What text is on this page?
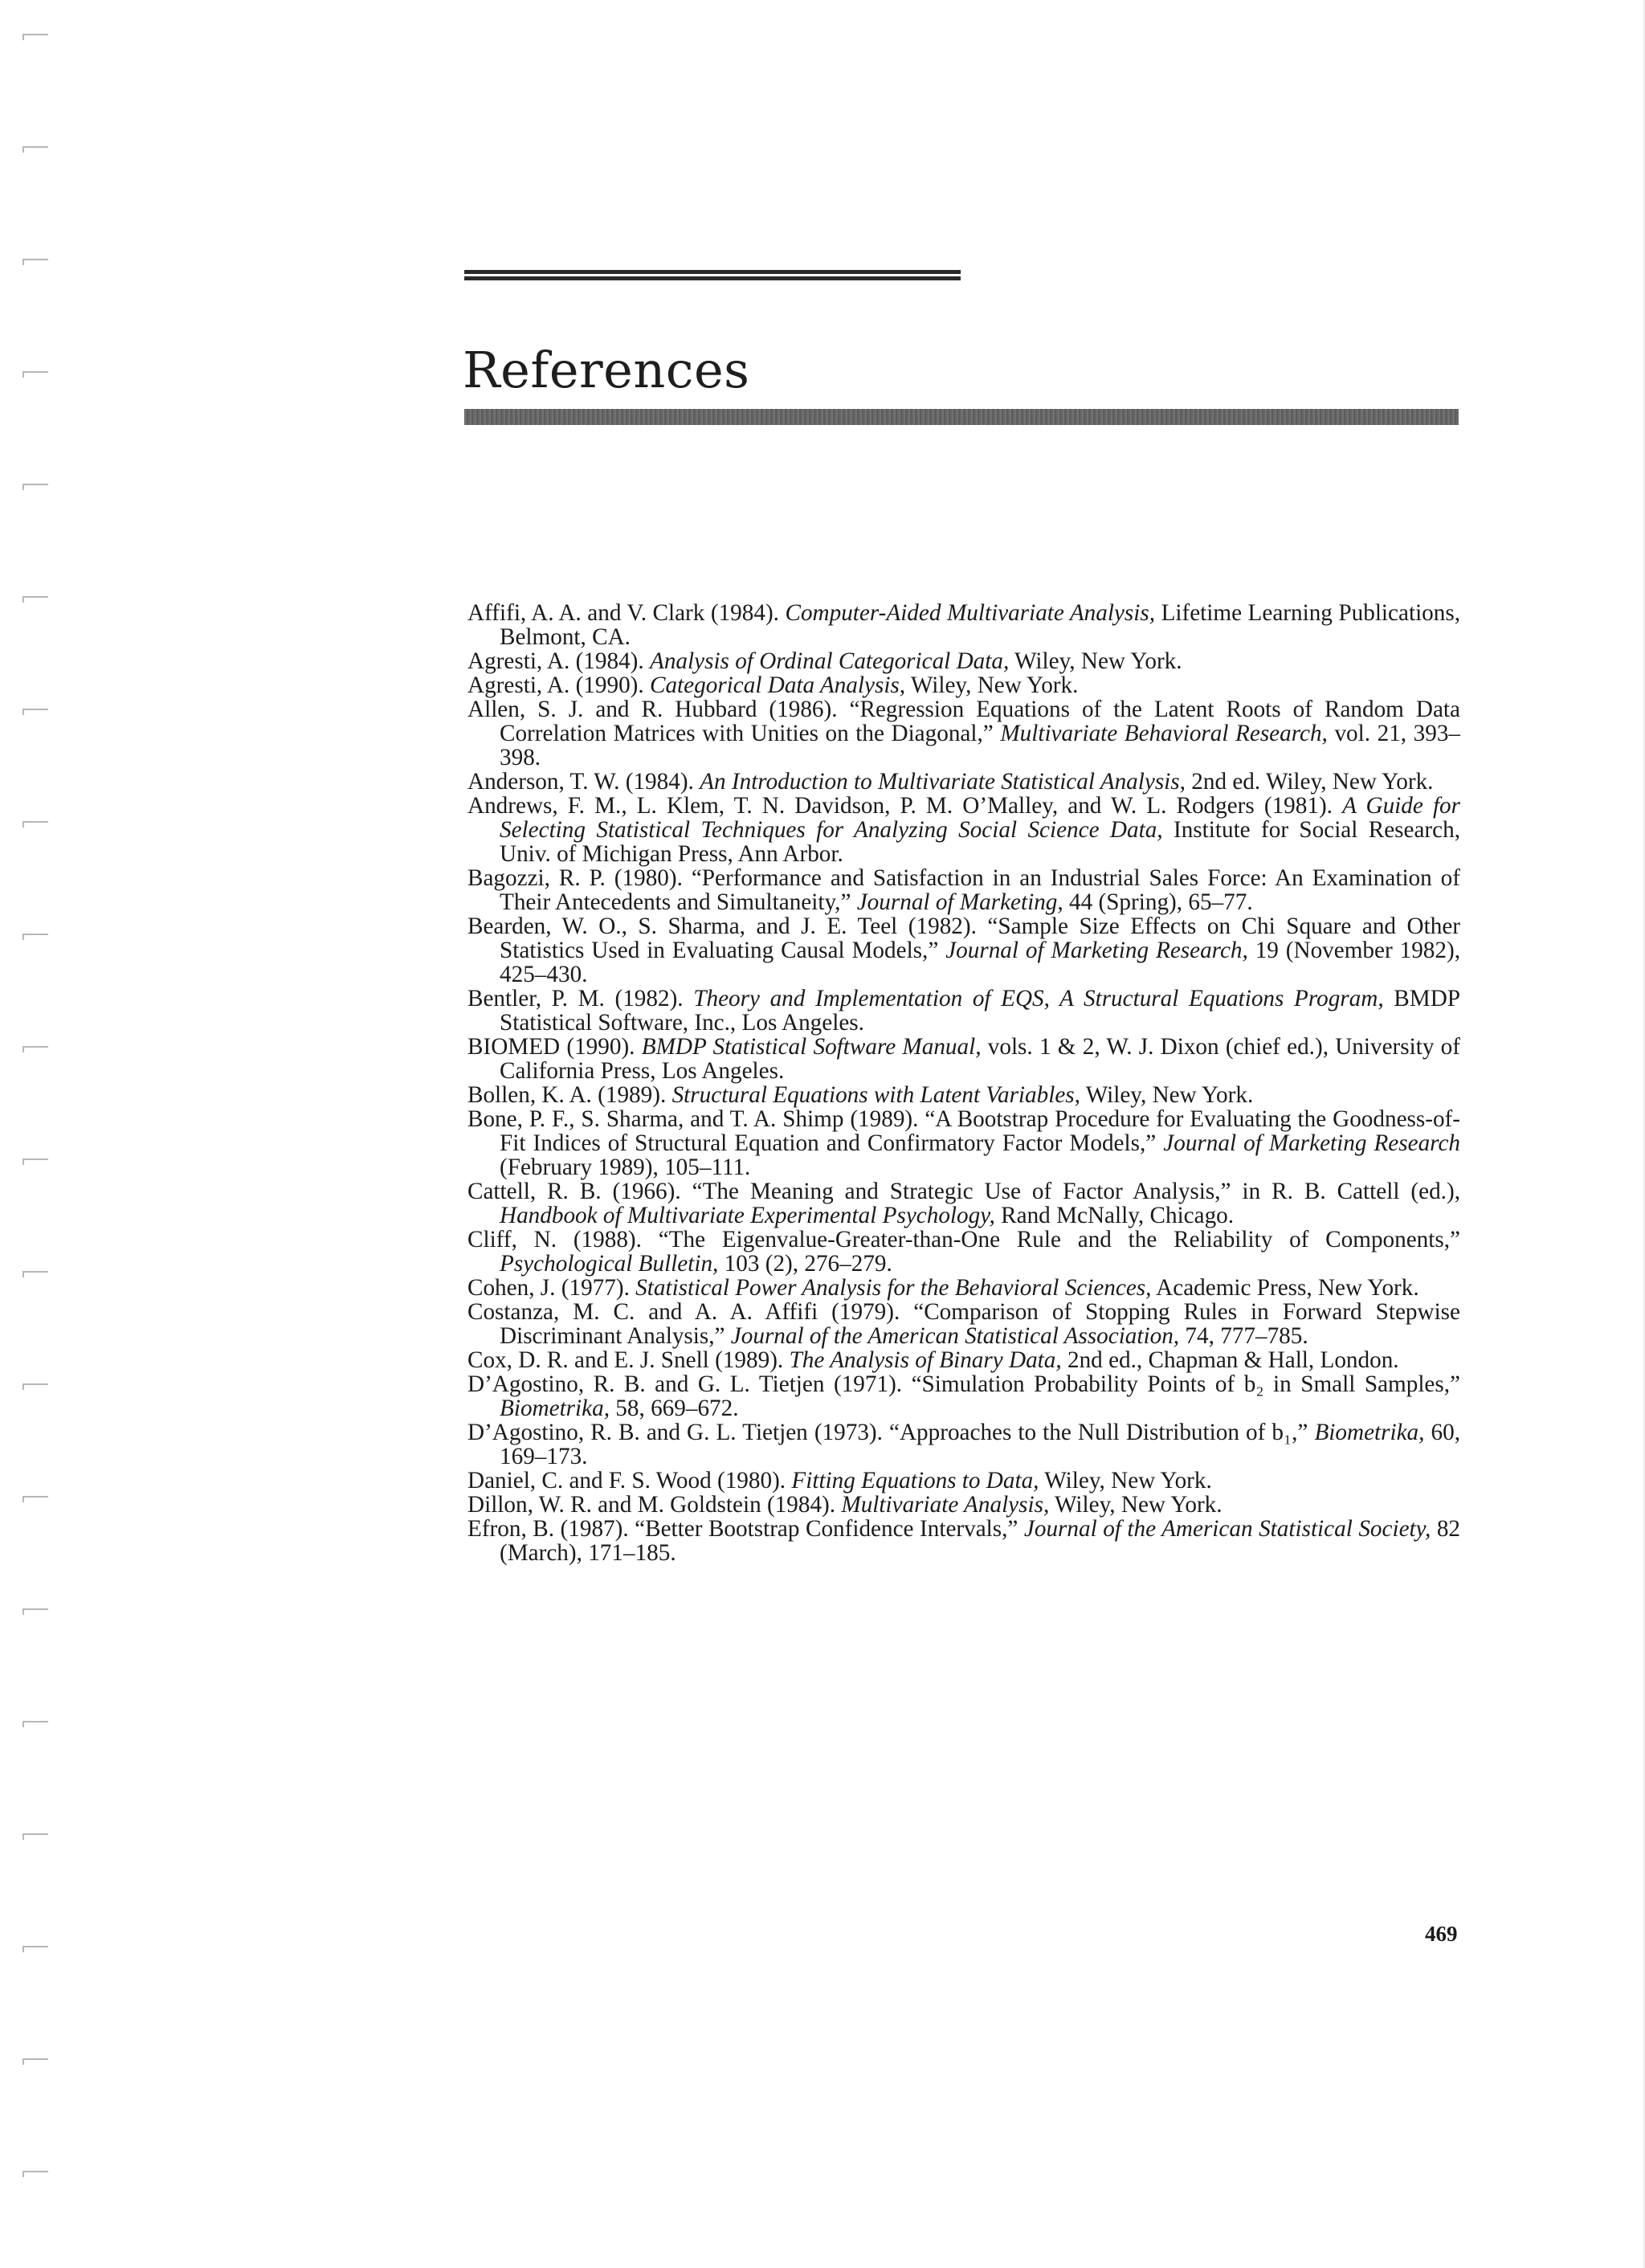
References
Affifi, A. A. and V. Clark (1984). Computer-Aided Multivariate Analysis, Lifetime Learning Publications, Belmont, CA.
Agresti, A. (1984). Analysis of Ordinal Categorical Data, Wiley, New York.
Agresti, A. (1990). Categorical Data Analysis, Wiley, New York.
Allen, S. J. and R. Hubbard (1986). “Regression Equations of the Latent Roots of Random Data Correlation Matrices with Unities on the Diagonal,” Multivariate Behavioral Research, vol. 21, 393–398.
Anderson, T. W. (1984). An Introduction to Multivariate Statistical Analysis, 2nd ed. Wiley, New York.
Andrews, F. M., L. Klem, T. N. Davidson, P. M. O’Malley, and W. L. Rodgers (1981). A Guide for Selecting Statistical Techniques for Analyzing Social Science Data, Institute for Social Research, Univ. of Michigan Press, Ann Arbor.
Bagozzi, R. P. (1980). “Performance and Satisfaction in an Industrial Sales Force: An Examination of Their Antecedents and Simultaneity,” Journal of Marketing, 44 (Spring), 65–77.
Bearden, W. O., S. Sharma, and J. E. Teel (1982). “Sample Size Effects on Chi Square and Other Statistics Used in Evaluating Causal Models,” Journal of Marketing Research, 19 (November 1982), 425–430.
Bentler, P. M. (1982). Theory and Implementation of EQS, A Structural Equations Program, BMDP Statistical Software, Inc., Los Angeles.
BIOMED (1990). BMDP Statistical Software Manual, vols. 1 & 2, W. J. Dixon (chief ed.), University of California Press, Los Angeles.
Bollen, K. A. (1989). Structural Equations with Latent Variables, Wiley, New York.
Bone, P. F., S. Sharma, and T. A. Shimp (1989). “A Bootstrap Procedure for Evaluating the Goodness-of-Fit Indices of Structural Equation and Confirmatory Factor Models,” Journal of Marketing Research (February 1989), 105–111.
Cattell, R. B. (1966). “The Meaning and Strategic Use of Factor Analysis,” in R. B. Cattell (ed.), Handbook of Multivariate Experimental Psychology, Rand McNally, Chicago.
Cliff, N. (1988). “The Eigenvalue-Greater-than-One Rule and the Reliability of Components,” Psychological Bulletin, 103 (2), 276–279.
Cohen, J. (1977). Statistical Power Analysis for the Behavioral Sciences, Academic Press, New York.
Costanza, M. C. and A. A. Affifi (1979). “Comparison of Stopping Rules in Forward Stepwise Discriminant Analysis,” Journal of the American Statistical Association, 74, 777–785.
Cox, D. R. and E. J. Snell (1989). The Analysis of Binary Data, 2nd ed., Chapman & Hall, London.
D’Agostino, R. B. and G. L. Tietjen (1971). “Simulation Probability Points of b₂ in Small Samples,” Biometrika, 58, 669–672.
D’Agostino, R. B. and G. L. Tietjen (1973). “Approaches to the Null Distribution of b₁,” Biometrika, 60, 169–173.
Daniel, C. and F. S. Wood (1980). Fitting Equations to Data, Wiley, New York.
Dillon, W. R. and M. Goldstein (1984). Multivariate Analysis, Wiley, New York.
Efron, B. (1987). “Better Bootstrap Confidence Intervals,” Journal of the American Statistical Society, 82 (March), 171–185.
469
